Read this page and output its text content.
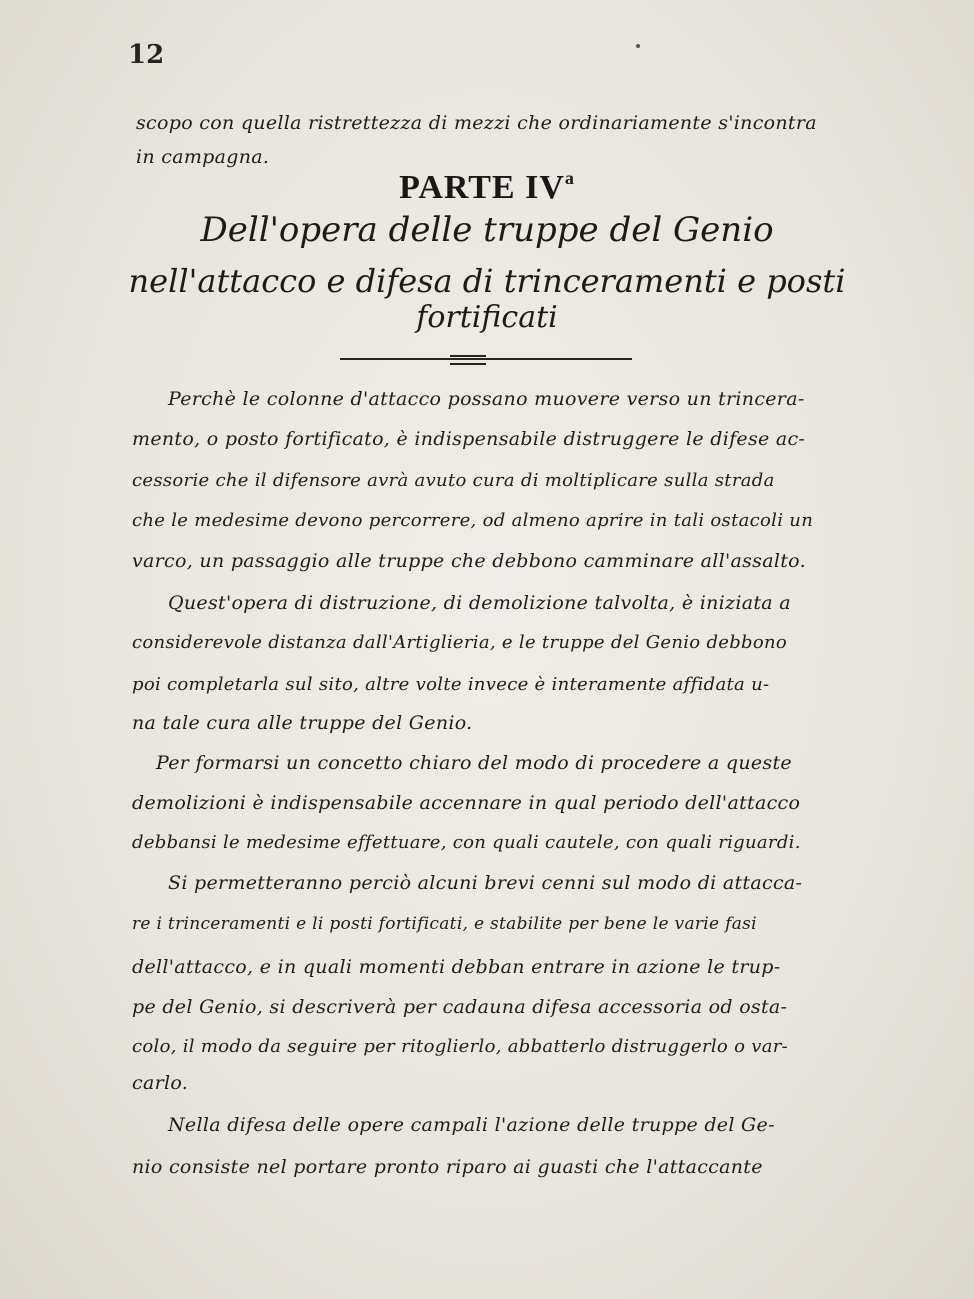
12
scopo con quella ristrettezza di mezzi che ordinariamente s'incontra
in campagna.
PARTE $IV^a$
Dell'opera delle truppe del Genio
nell'attacco e difesa di trinceramenti e posti
fortificati
Perchè le colonne d'attacco possano muovere verso un trincera-
mento, o posto fortificato, è indispensabile distruggere le difese ac-
cessorie che il difensore avrà avuto cura di moltiplicare sulla strada
che le medesime devono percorrere, od almeno aprire in tali ostacoli un
varco, un passaggio alle truppe che debbono camminare all'assalto.
Quest'opera di distruzione, di demolizione talvolta, è iniziata a
considerevole distanza dall'Artiglieria, e le truppe del Genio debbono
poi completarla sul sito, altre volte invece è interamente affidata u-
na tale cura alle truppe del Genio.
Per formarsi un concetto chiaro del modo di procedere a queste
demolizioni è indispensabile accennare in qual periodo dell'attacco
debbansi le medesime effettuare, con quali cautele, con quali riguardi.
Si permetteranno perciò alcuni brevi cenni sul modo di attacca-
re i trinceramenti e li posti fortificati, e stabilite per bene le varie fasi
dell'attacco, e in quali momenti debban entrare in azione le trup-
pe del Genio, si descriverà per cadauna difesa accessoria od osta-
colo, il modo da seguire per ritoglierlo, abbatterlo distruggerlo o var-
carlo.
Nella difesa delle opere campali l'azione delle truppe del Ge-
nio consiste nel portare pronto riparo ai guasti che l'attaccante
